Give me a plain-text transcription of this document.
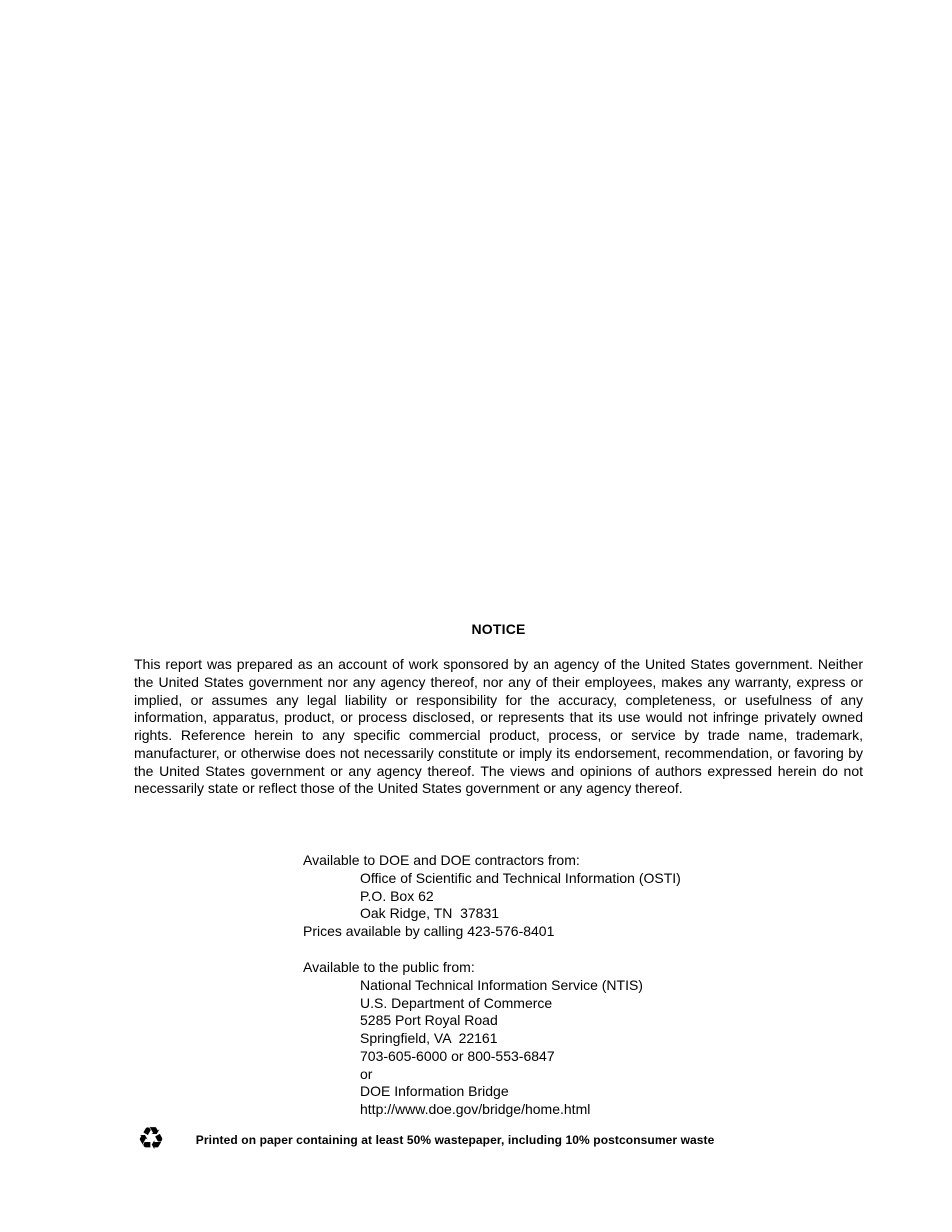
NOTICE
This report was prepared as an account of work sponsored by an agency of the United States government. Neither the United States government nor any agency thereof, nor any of their employees, makes any warranty, express or implied, or assumes any legal liability or responsibility for the accuracy, completeness, or usefulness of any information, apparatus, product, or process disclosed, or represents that its use would not infringe privately owned rights. Reference herein to any specific commercial product, process, or service by trade name, trademark, manufacturer, or otherwise does not necessarily constitute or imply its endorsement, recommendation, or favoring by the United States government or any agency thereof. The views and opinions of authors expressed herein do not necessarily state or reflect those of the United States government or any agency thereof.
Available to DOE and DOE contractors from:
Office of Scientific and Technical Information (OSTI)
P.O. Box 62
Oak Ridge, TN  37831
Prices available by calling 423-576-8401
Available to the public from:
National Technical Information Service (NTIS)
U.S. Department of Commerce
5285 Port Royal Road
Springfield, VA  22161
703-605-6000 or 800-553-6847
or
DOE Information Bridge
http://www.doe.gov/bridge/home.html
♻	Printed on paper containing at least 50% wastepaper, including 10% postconsumer waste
